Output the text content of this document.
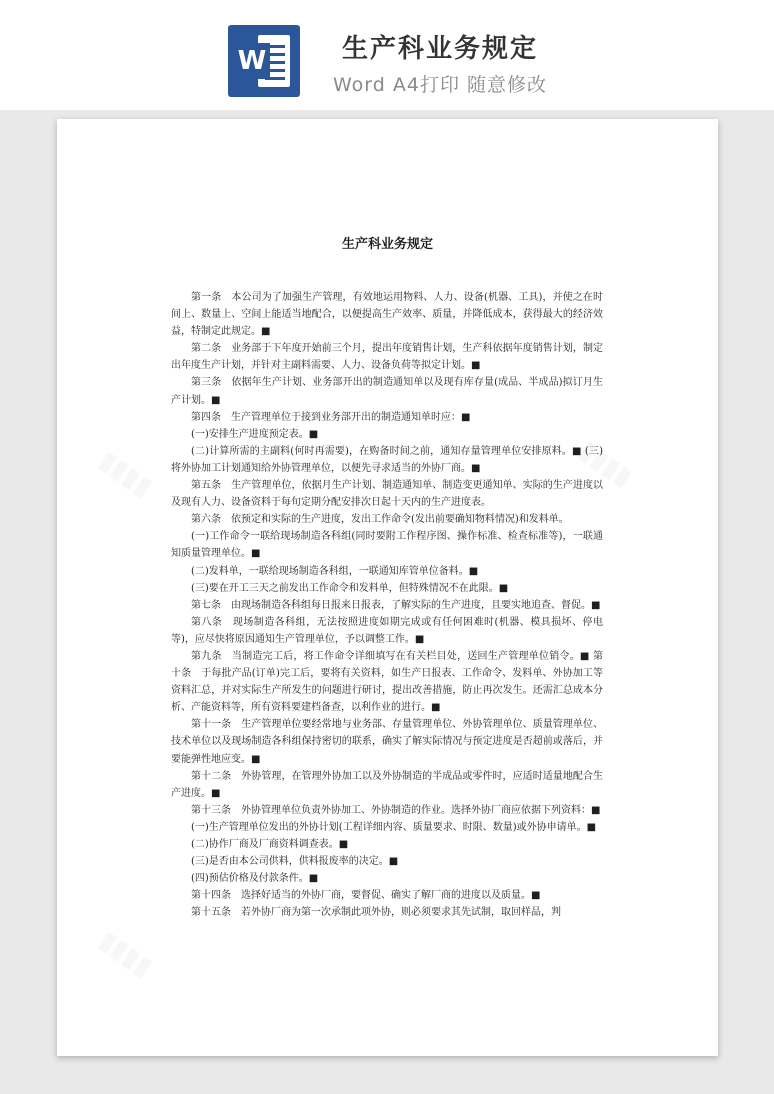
W	生产科业务规定
Word A4打印 随意修改
▮▮▮▮	▮▮▮▮
▮▮▮▮
生产科业务规定

第一条　本公司为了加强生产管理，有效地运用物料、人力、设备(机器、工具)，并使之在时间上、数量上、空间上能适当地配合，以便提高生产效率、质量，并降低成本，获得最大的经济效益，特制定此规定。■

第二条　业务部于下年度开始前三个月，提出年度销售计划，生产科依据年度销售计划，制定出年度生产计划，并针对主副料需要、人力、设备负荷等拟定计划。■

第三条　依据年生产计划、业务部开出的制造通知单以及现有库存量(成品、半成品)拟订月生产计划。■

第四条　生产管理单位于接到业务部开出的制造通知单时应：■

(一)安排生产进度预定表。■

(二)计算所需的主副料(何时再需要)，在购备时间之前，通知存量管理单位安排原料。■ (三)将外协加工计划通知给外协管理单位，以便先寻求适当的外协厂商。■

第五条　生产管理单位，依据月生产计划、制造通知单、制造变更通知单、实际的生产进度以及现有人力、设备资料于每旬定期分配安排次日起十天内的生产进度表。

第六条　依预定和实际的生产进度，发出工作命令(发出前要确知物料情况)和发料单。

(一)工作命令一联给现场制造各科组(同时要附工作程序图、操作标准、检查标准等)，一联通知质量管理单位。■

(二)发料单，一联给现场制造各科组，一联通知库管单位备料。■

(三)要在开工三天之前发出工作命令和发料单，但特殊情况不在此限。■

第七条　由现场制造各科组每日报来日报表，了解实际的生产进度，且要实地追查、督促。■

第八条　现场制造各科组，无法按照进度如期完成或有任何困难时(机器、模具损坏、停电等)，应尽快将原因通知生产管理单位，予以调整工作。■

第九条　当制造完工后，将工作命令详细填写在有关栏目处，送回生产管理单位销令。■ 第十条　于每批产品(订单)完工后，要将有关资料，如生产日报表、工作命令、发料单、外协加工等资料汇总，并对实际生产所发生的问题进行研讨，提出改善措施，防止再次发生。还需汇总成本分析、产能资料等，所有资料要建档备查，以利作业的进行。■

第十一条　生产管理单位要经常地与业务部、存量管理单位、外协管理单位、质量管理单位、技术单位以及现场制造各科组保持密切的联系，确实了解实际情况与预定进度是否超前或落后，并要能弹性地应变。■

第十二条　外协管理，在管理外协加工以及外协制造的半成品或零件时，应适时适量地配合生产进度。■

第十三条　外协管理单位负责外协加工、外协制造的作业。选择外协厂商应依据下列资料：■

(一)生产管理单位发出的外协计划(工程详细内容、质量要求、时限、数量)或外协申请单。■

(二)协作厂商及厂商资料调查表。■

(三)是否由本公司供料，供料报废率的决定。■

(四)预估价格及付款条件。■

第十四条　选择好适当的外协厂商，要督促、确实了解厂商的进度以及质量。■

第十五条　若外协厂商为第一次承制此项外协，则必须要求其先试制，取回样品，判
